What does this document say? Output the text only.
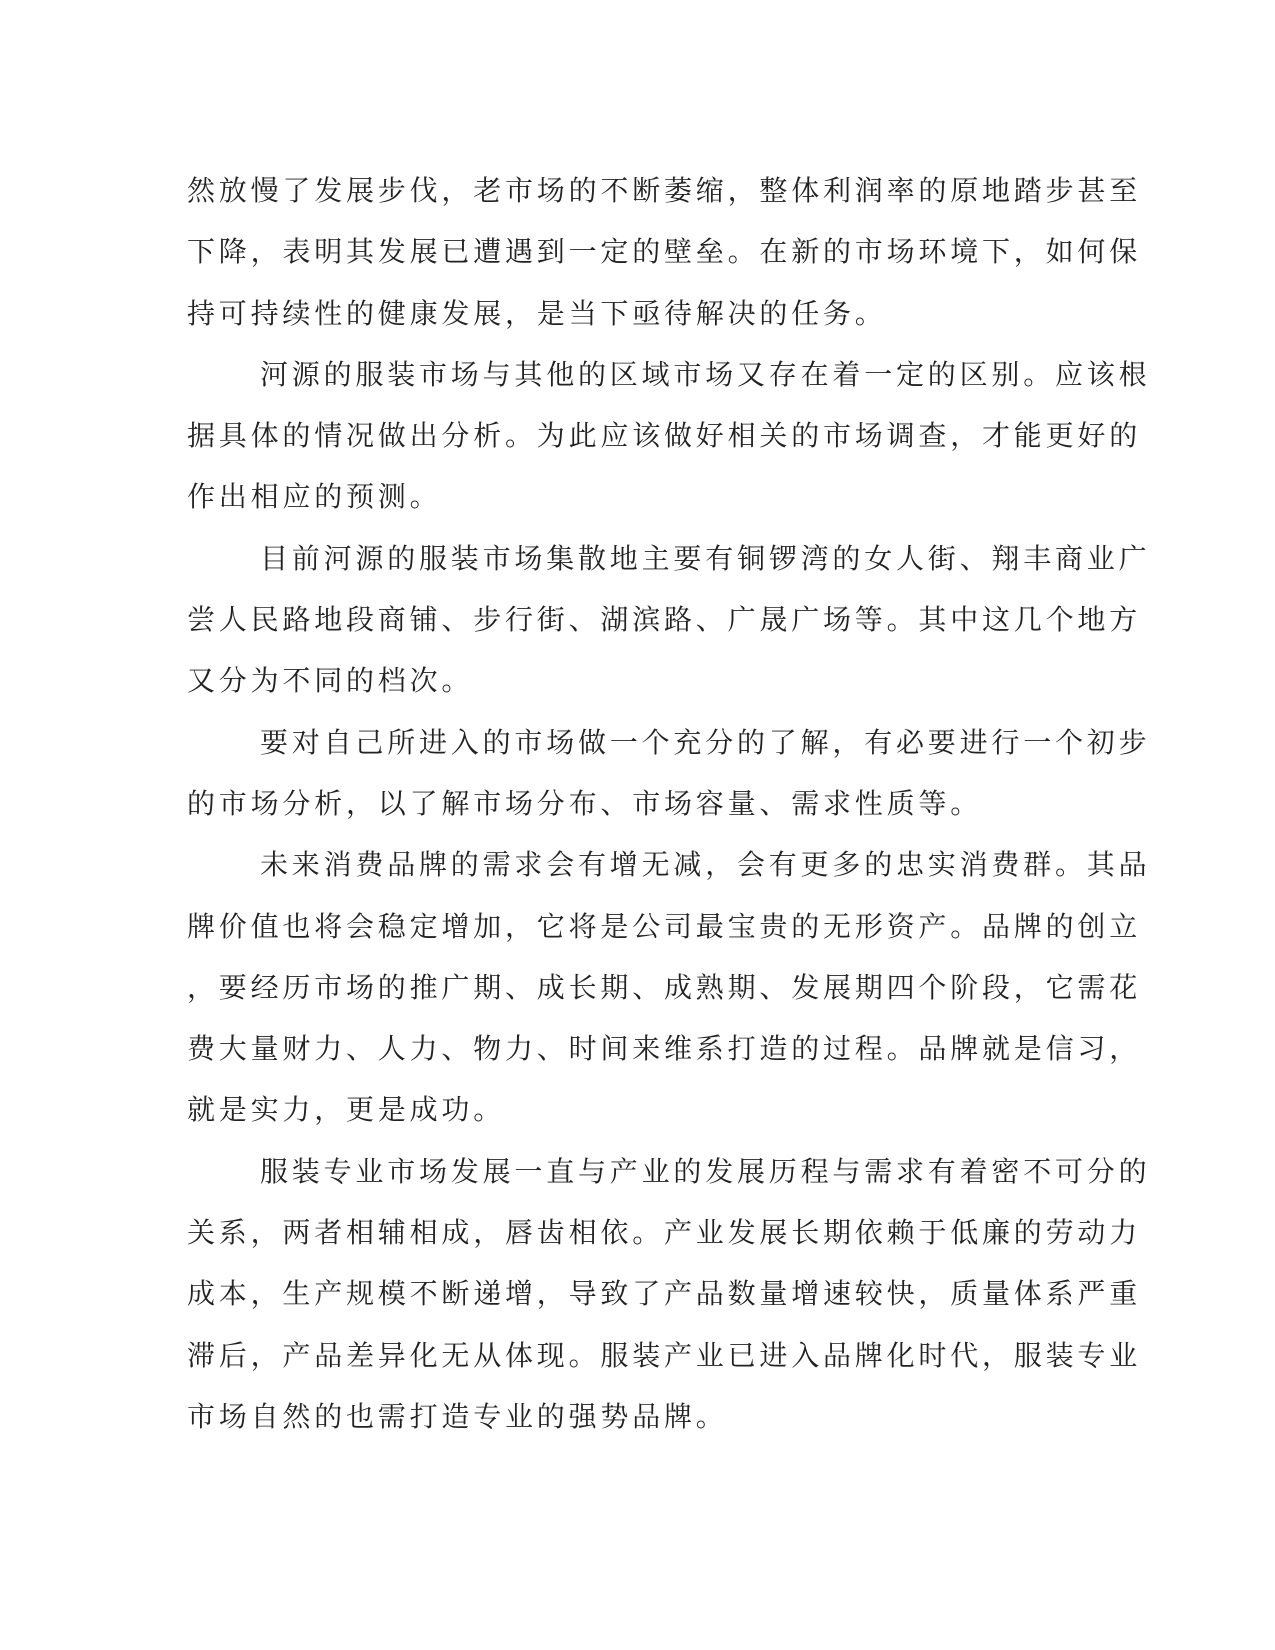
然放慢了发展步伐，老市场的不断萎缩，整体利润率的原地踏步甚至
下降，表明其发展已遭遇到一定的壁垒。在新的市场环境下，如何保
持可持续性的健康发展，是当下亟待解决的任务。
河源的服装市场与其他的区域市场又存在着一定的区别。应该根
据具体的情况做出分析。为此应该做好相关的市场调查，才能更好的
作出相应的预测。
目前河源的服装市场集散地主要有铜锣湾的女人街、翔丰商业广
尝人民路地段商铺、步行街、湖滨路、广晟广场等。其中这几个地方
又分为不同的档次。
要对自己所进入的市场做一个充分的了解，有必要进行一个初步
的市场分析，以了解市场分布、市场容量、需求性质等。
未来消费品牌的需求会有增无减，会有更多的忠实消费群。其品
牌价值也将会稳定增加，它将是公司最宝贵的无形资产。品牌的创立
，要经历市场的推广期、成长期、成熟期、发展期四个阶段，它需花
费大量财力、人力、物力、时间来维系打造的过程。品牌就是信习，
就是实力，更是成功。
服装专业市场发展一直与产业的发展历程与需求有着密不可分的
关系，两者相辅相成，唇齿相依。产业发展长期依赖于低廉的劳动力
成本，生产规模不断递增，导致了产品数量增速较快，质量体系严重
滞后，产品差异化无从体现。服装产业已进入品牌化时代，服装专业
市场自然的也需打造专业的强势品牌。
